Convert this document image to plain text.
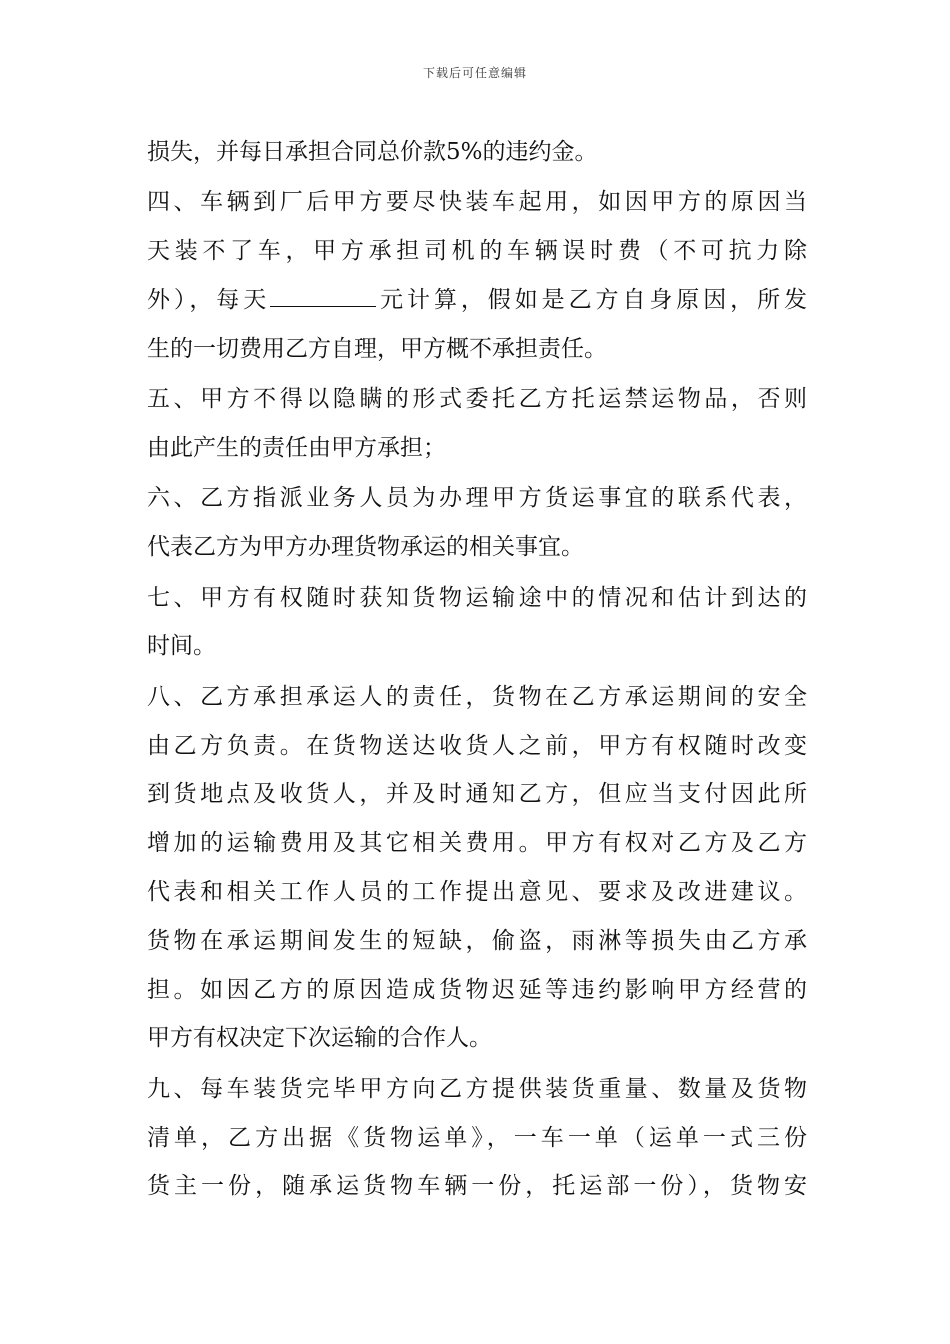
下载后可任意编辑
损失，并每日承担合同总价款5%的违约金。
四、车辆到厂后甲方要尽快装车起用，如因甲方的原因当
天装不了车，甲方承担司机的车辆误时费（不可抗力除
外），每天	元计算，假如是乙方自身原因，所发
生的一切费用乙方自理，甲方概不承担责任。
五、甲方不得以隐瞒的形式委托乙方托运禁运物品，否则
由此产生的责任由甲方承担；
六、乙方指派业务人员为办理甲方货运事宜的联系代表，
代表乙方为甲方办理货物承运的相关事宜。
七、甲方有权随时获知货物运输途中的情况和估计到达的
时间。
八、乙方承担承运人的责任，货物在乙方承运期间的安全
由乙方负责。在货物送达收货人之前，甲方有权随时改变
到货地点及收货人，并及时通知乙方，但应当支付因此所
增加的运输费用及其它相关费用。甲方有权对乙方及乙方
代表和相关工作人员的工作提出意见、要求及改进建议。
货物在承运期间发生的短缺，偷盗，雨淋等损失由乙方承
担。如因乙方的原因造成货物迟延等违约影响甲方经营的
甲方有权决定下次运输的合作人。
九、每车装货完毕甲方向乙方提供装货重量、数量及货物
清单，乙方出据《货物运单》，一车一单（运单一式三份
货主一份，随承运货物车辆一份，托运部一份），货物安
